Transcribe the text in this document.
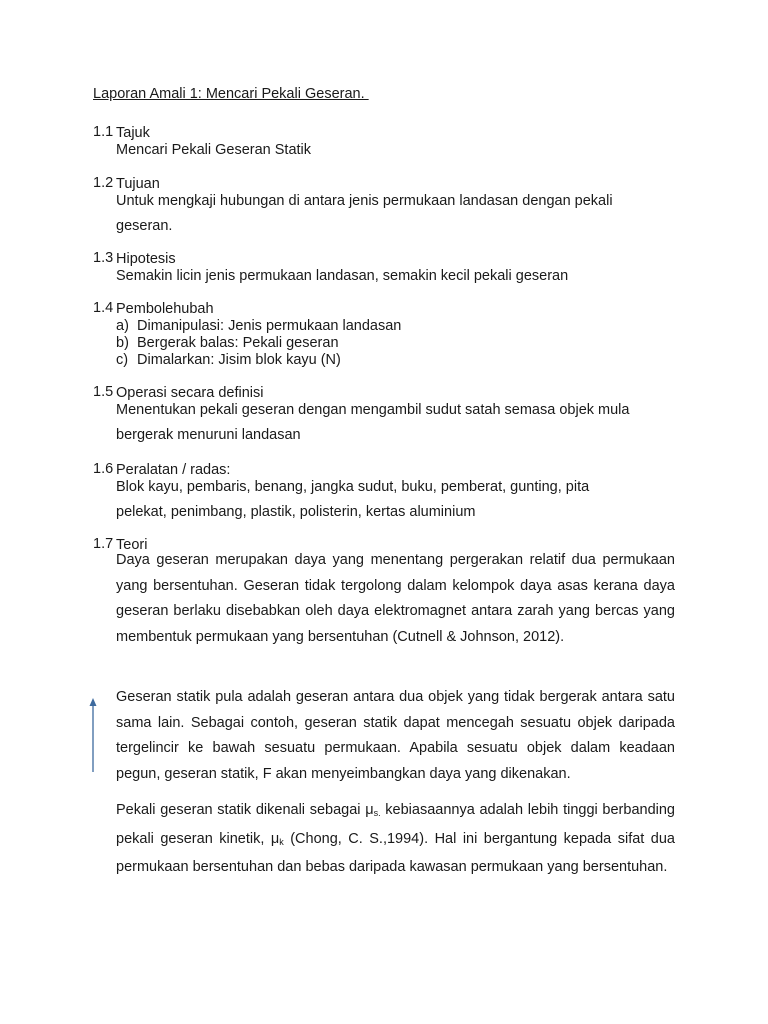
Laporan Amali 1: Mencari Pekali Geseran.
1.1 Tajuk
Mencari Pekali Geseran Statik
1.2 Tujuan
Untuk mengkaji hubungan di antara jenis permukaan landasan dengan pekali geseran.
1.3 Hipotesis
Semakin licin jenis permukaan landasan, semakin kecil pekali geseran
1.4 Pembolehubah
a) Dimanipulasi: Jenis permukaan landasan
b) Bergerak balas: Pekali geseran
c) Dimalarkan: Jisim blok kayu (N)
1.5 Operasi secara definisi
Menentukan pekali geseran dengan mengambil sudut satah semasa objek mula bergerak menuruni landasan
1.6 Peralatan / radas:
Blok kayu, pembaris, benang, jangka sudut, buku, pemberat, gunting, pita pelekat, penimbang, plastik, polisterin, kertas aluminium
1.7 Teori
Daya geseran merupakan daya yang menentang pergerakan relatif dua permukaan yang bersentuhan. Geseran tidak tergolong dalam kelompok daya asas kerana daya geseran berlaku disebabkan oleh daya elektromagnet antara zarah yang bercas yang membentuk permukaan yang bersentuhan (Cutnell & Johnson, 2012).
Geseran statik pula adalah geseran antara dua objek yang tidak bergerak antara satu sama lain. Sebagai contoh, geseran statik dapat mencegah sesuatu objek daripada tergelincir ke bawah sesuatu permukaan. Apabila sesuatu objek dalam keadaan pegun, geseran statik, F akan menyeimbangkan daya yang dikenakan.
Pekali geseran statik dikenali sebagai $\mu_{s.}$ kebiasaannya adalah lebih tinggi berbanding pekali geseran kinetik, $\mu_k$ (Chong, C. S.,1994). Hal ini bergantung kepada sifat dua permukaan bersentuhan dan bebas daripada kawasan permukaan yang bersentuhan.
